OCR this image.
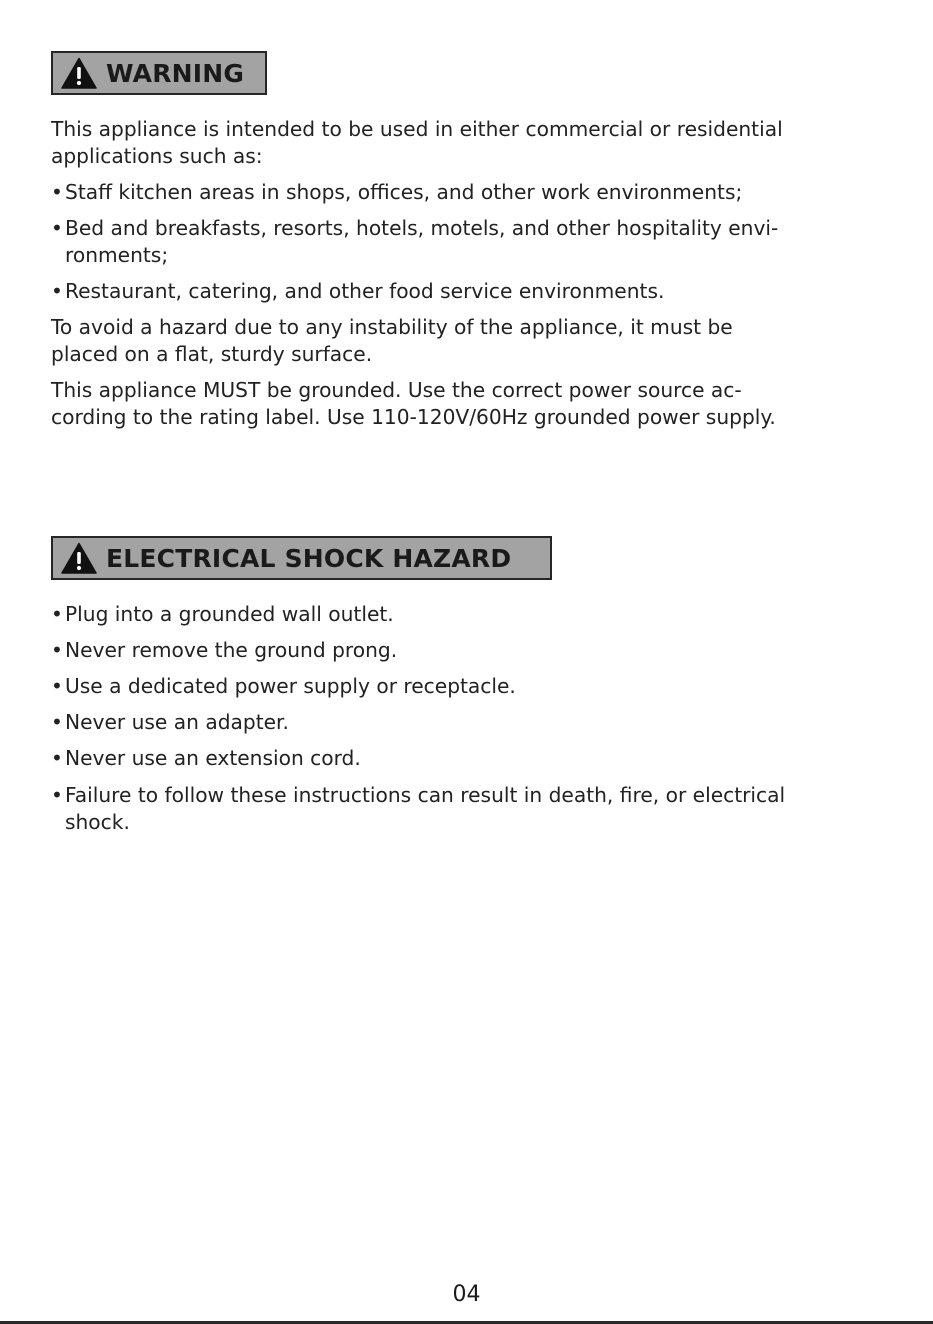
WARNING
This appliance is intended to be used in either commercial or residential
applications such as:
• Staff kitchen areas in shops, offices, and other work environments;
• Bed and breakfasts, resorts, hotels, motels, and other hospitality envi-
ronments;
• Restaurant, catering, and other food service environments.
To avoid a hazard due to any instability of the appliance, it must be
placed on a flat, sturdy surface.
This appliance MUST be grounded. Use the correct power source ac-
cording to the rating label. Use 110-120V/60Hz grounded power supply.
ELECTRICAL SHOCK HAZARD
• Plug into a grounded wall outlet.
• Never remove the ground prong.
• Use a dedicated power supply or receptacle.
• Never use an adapter.
• Never use an extension cord.
• Failure to follow these instructions can result in death, fire, or electrical
shock.
04
